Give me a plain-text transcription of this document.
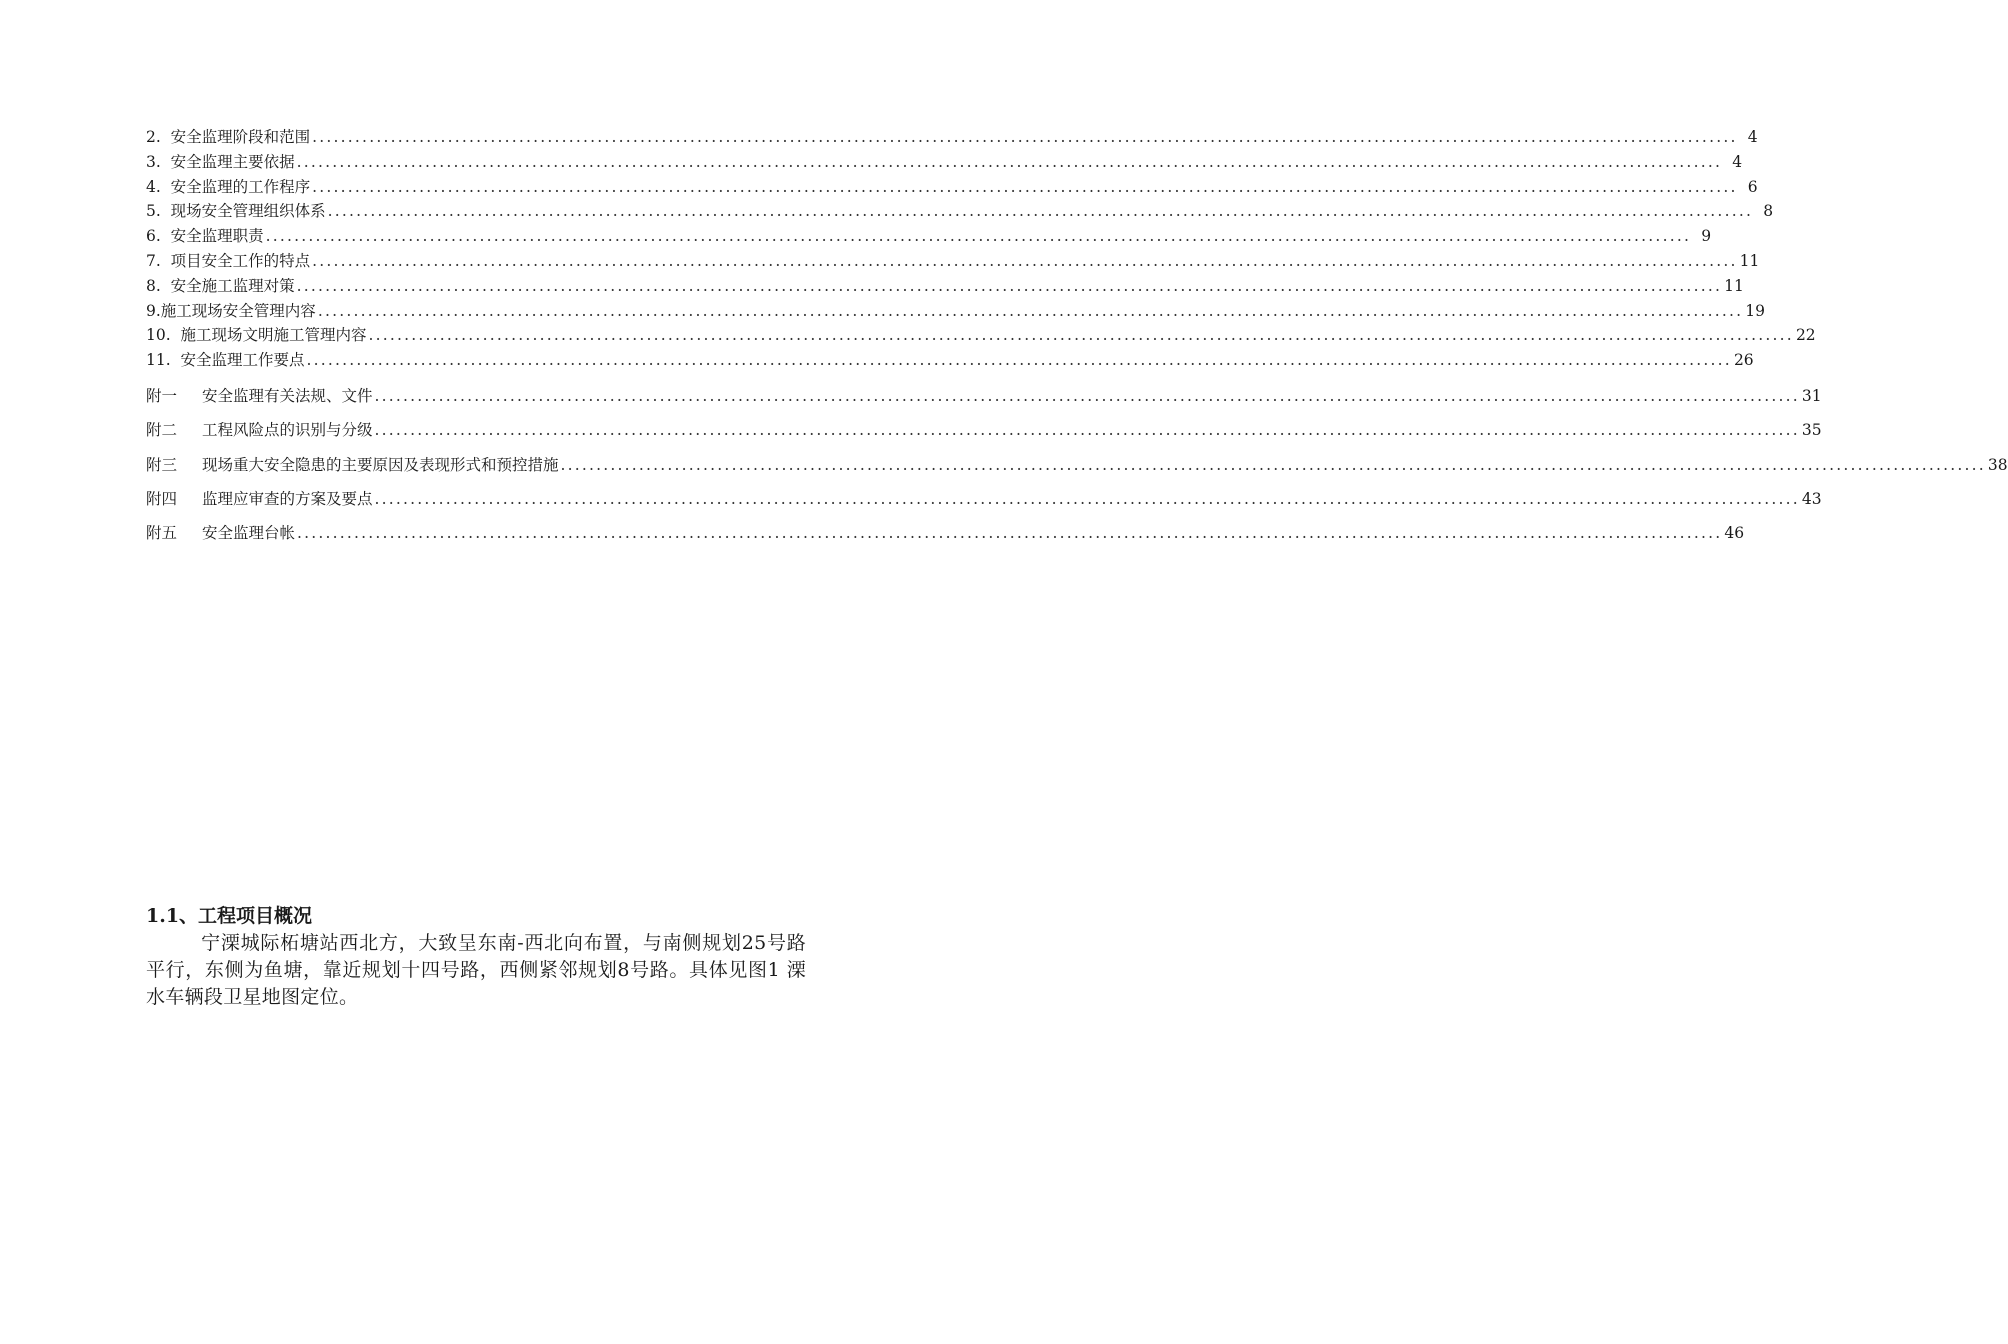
2. 安全监理阶段和范围 ........................................................................................................................................................................................................ 4
3. 安全监理主要依据 ........................................................................................................................................................................................................ 4
4. 安全监理的工作程序 ........................................................................................................................................................................................................ 6
5. 现场安全管理组织体系 ........................................................................................................................................................................................................ 8
6. 安全监理职责 ........................................................................................................................................................................................................ 9
7. 项目安全工作的特点 ........................................................................................................................................................................................................ 11
8. 安全施工监理对策 ........................................................................................................................................................................................................ 11
9.施工现场安全管理内容 ........................................................................................................................................................................................................ 19
10. 施工现场文明施工管理内容 ........................................................................................................................................................................................................ 22
11. 安全监理工作要点 ........................................................................................................................................................................................................ 26
附一 安全监理有关法规、文件 ........................................................................................................................................................................................................ 31
附二 工程风险点的识别与分级 ........................................................................................................................................................................................................ 35
附三 现场重大安全隐患的主要原因及表现形式和预控措施 ........................................................................................................................................................................................................ 38
附四 监理应审查的方案及要点 ........................................................................................................................................................................................................ 43
附五 安全监理台帐 ........................................................................................................................................................................................................ 46
1.1、工程项目概况

宁溧城际柘塘站西北方，大致呈东南-西北向布置，与南侧规划25号路平行，东侧为鱼塘，靠近规划十四号路，西侧紧邻规划8号路。具体见图1 溧水车辆段卫星地图定位。
